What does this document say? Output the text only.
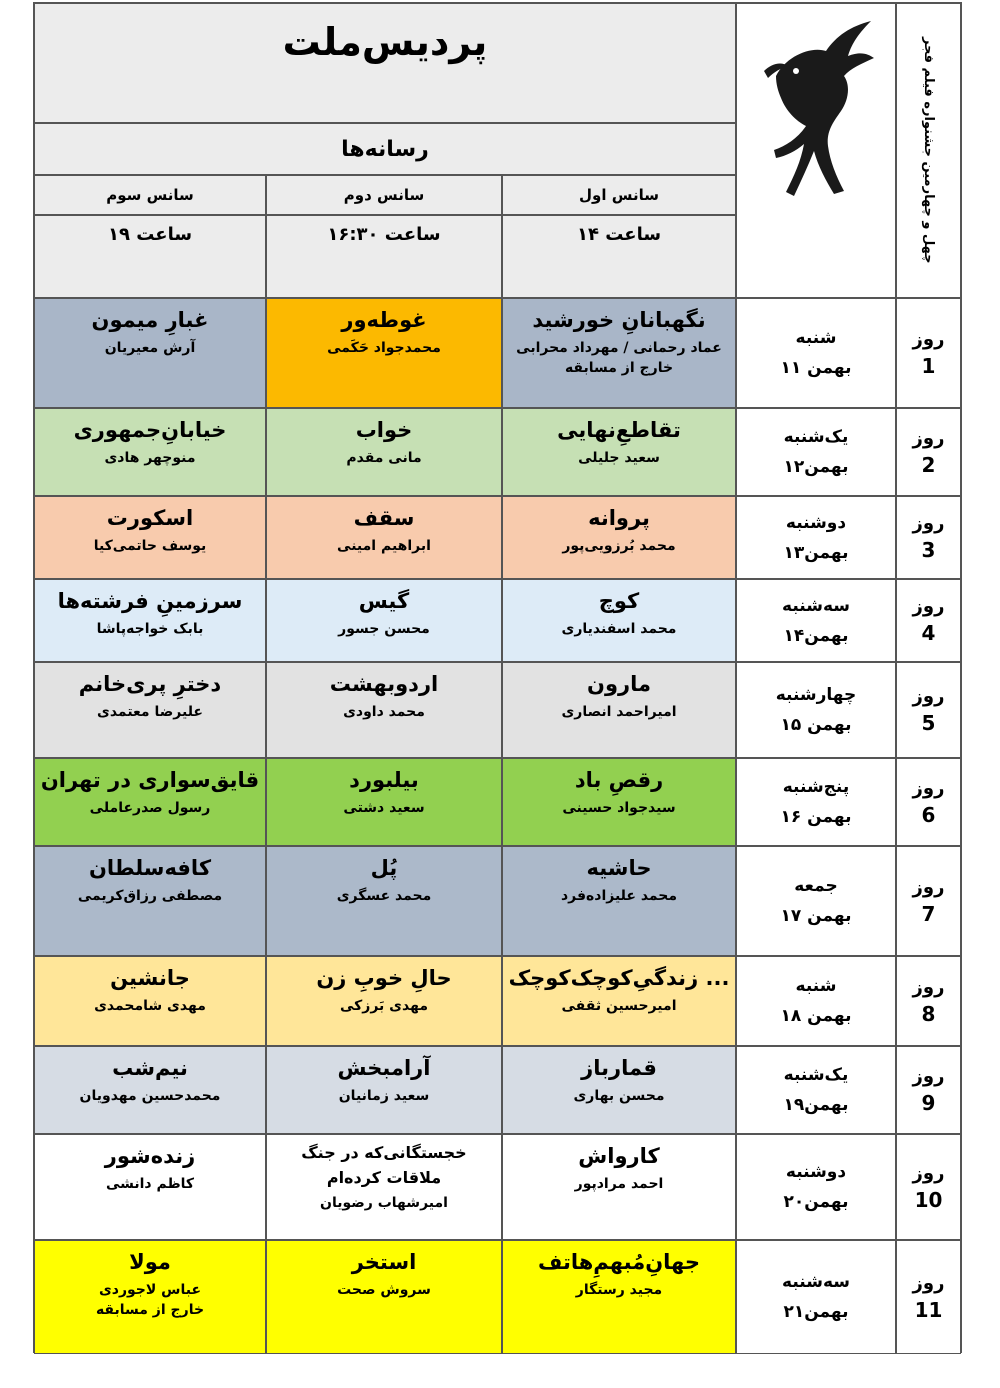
پردیس‌ملت
رسانه‌ها
سانس اول
سانس دوم
سانس سوم
ساعت ۱۴
ساعت ۱۶:۳۰
ساعت ۱۹	چهل و چهارمین جشنواره فیلم فجر
نگهبانانِ خورشید
عماد رحمانی / مهرداد محرابی
خارج از مسابقه
غوطه‌ور
محمدجواد حَکَمی
غبارِ میمون
آرش معیریان
شنبه
۱۱ بهمن
روز
1
تقاطعِ‌نهایی
سعید جلیلی
خواب
مانی مقدم
خیابانِ‌جمهوری
منوچهر هادی
یک‌شنبه
۱۲بهمن
روز
2
پروانه
محمد بُرزویی‌پور
سقف
ابراهیم امینی
اسکورت
یوسف حاتمی‌کیا
دوشنبه
۱۳بهمن
روز
3
کوچ
محمد اسفندیاری
گیس
محسن جسور
سرزمینِ فرشته‌ها
بابک خواجه‌پاشا
سه‌شنبه
۱۴بهمن
روز
4
مارون
امیراحمد انصاری
اردوبهشت
محمد داودی
دخترِ پری‌خانم
علیرضا معتمدی
چهارشنبه
۱۵ بهمن
روز
5
رقصِ باد
سیدجواد حسینی
بیلبورد
سعید دشتی
قایق‌سواری در تهران
رسول صدرعاملی
پنج‌شنبه
۱۶ بهمن
روز
6
حاشیه
محمد علیزاده‌فرد
پُل
محمد عسگری
کافه‌سلطان
مصطفی رزاق‌کریمی
جمعه
۱۷ بهمن
روز
7
زندگیِ‌کوچک‌کوچک ...
امیرحسین ثقفی
حالِ خوبِ زن
مهدی بَرزکی
جانشین
مهدی شامحمدی
شنبه
۱۸ بهمن
روز
8
قمارباز
محسن بهاری
آرامبخش
سعید زمانیان
نیم‌شب
محمدحسین مهدویان
یک‌شنبه
۱۹بهمن
روز
9
کارواش
احمد مرادپور
خجستگانی‌که در جنگ
ملاقات کرده‌ام
امیرشهاب رضویان
زنده‌شور
کاظم دانشی
دوشنبه
۲۰بهمن
روز
10
جهانِ‌مُبهمِ‌هاتف
مجید رستگار
استخر
سروش صحت
مولا
عباس لاجوردی
خارج از مسابقه
سه‌شنبه
۲۱بهمن
روز
11
